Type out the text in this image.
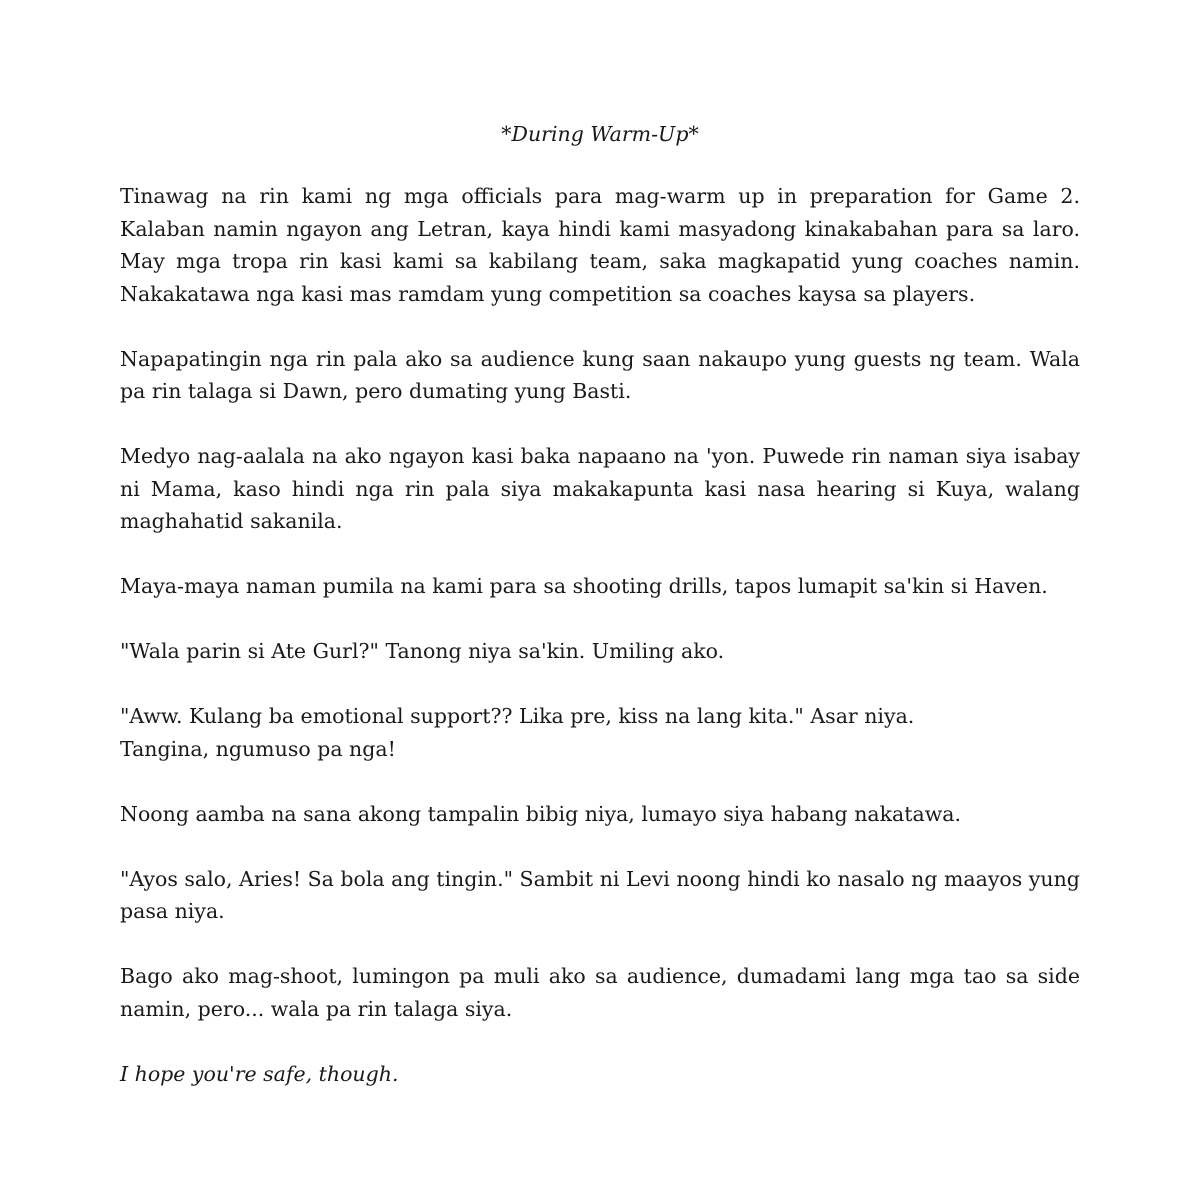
*During Warm-Up*

Tinawag na rin kami ng mga officials para mag-warm up in preparation for Game 2. Kalaban namin ngayon ang Letran, kaya hindi kami masyadong kinakabahan para sa laro. May mga tropa rin kasi kami sa kabilang team, saka magkapatid yung coaches namin. Nakakatawa nga kasi mas ramdam yung competition sa coaches kaysa sa players.

Napapatingin nga rin pala ako sa audience kung saan nakaupo yung guests ng team. Wala pa rin talaga si Dawn, pero dumating yung Basti.

Medyo nag-aalala na ako ngayon kasi baka napaano na 'yon. Puwede rin naman siya isabay ni Mama, kaso hindi nga rin pala siya makakapunta kasi nasa hearing si Kuya, walang maghahatid sakanila.

Maya-maya naman pumila na kami para sa shooting drills, tapos lumapit sa'kin si Haven.

"Wala parin si Ate Gurl?" Tanong niya sa'kin. Umiling ako.

"Aww. Kulang ba emotional support?? Lika pre, kiss na lang kita." Asar niya.
Tangina, ngumuso pa nga!

Noong aamba na sana akong tampalin bibig niya, lumayo siya habang nakatawa.

"Ayos salo, Aries! Sa bola ang tingin." Sambit ni Levi noong hindi ko nasalo ng maayos yung pasa niya.

Bago ako mag-shoot, lumingon pa muli ako sa audience, dumadami lang mga tao sa side namin, pero... wala pa rin talaga siya.

I hope you're safe, though.
